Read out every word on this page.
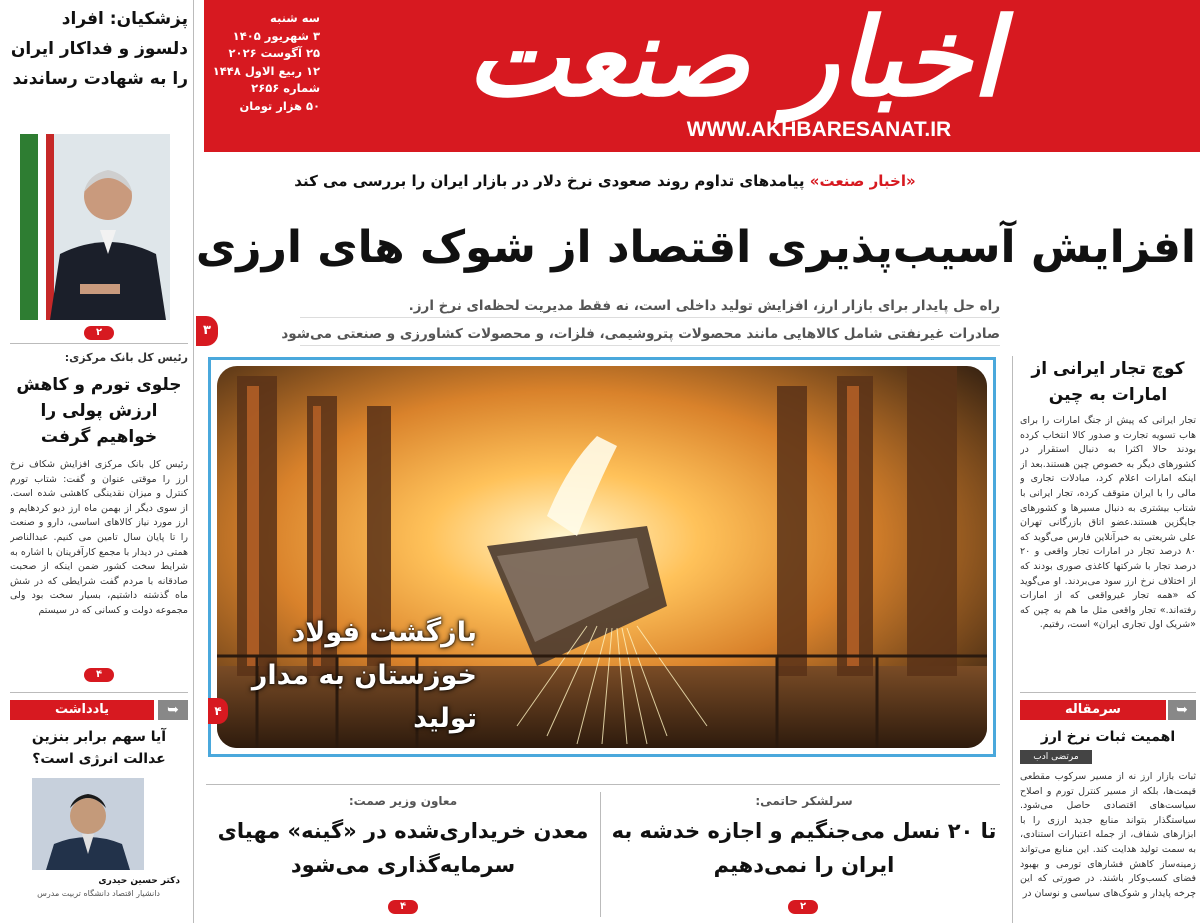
اخبار صنعت
WWW.AKHBARESANAT.IR
سه شنبه
۳ شهریور ۱۴۰۵
۲۵ آگوست ۲۰۲۶
۱۲ ربیع الاول ۱۴۴۸
شماره ۲۶۵۶
۵۰ هزار تومان
«اخبار صنعت» پیامدهای تداوم روند صعودی نرخ دلار در بازار ایران را بررسی می کند
افزایش آسیب‌پذیری اقتصاد از شوک های ارزی
راه حل پایدار برای بازار ارز، افزایش تولید داخلی است، نه فقط مدیریت لحظه‌ای نرخ ارز.
صادرات غیرنفتی شامل کالاهایی مانند محصولات پتروشیمی، فلزات، و محصولات کشاورزی و صنعتی می‌شود
۳
بازگشت فولاد خوزستان به مدار تولید
۴
معاون وزیر صمت:
معدن خریداری‌شده در «گینه» مهیای سرمایه‌گذاری می‌شود
۴
سرلشکر حاتمی:
تا ۲۰ نسل می‌جنگیم و اجازه خدشه به ایران را نمی‌دهیم
۲
پزشکیان: افراد دلسوز و فداکار ایران را به شهادت رساندند
۲
رئیس کل بانک مرکزی:
جلوی تورم و کاهش ارزش پولی را خواهیم گرفت
رئیس کل بانک مرکزی افزایش شکاف نرخ ارز را موقتی عنوان و گفت: شتاب تورم کنترل و میزان نقدینگی کاهشی شده است. از سوی دیگر از بهمن ماه ارز دیو کردهایم و ارز مورد نیاز کالاهای اساسی، دارو و صنعت را تا پایان سال تامین می کنیم. عبدالناصر همتی در دیدار با مجمع کارآفرینان با اشاره به شرایط سخت کشور ضمن اینکه از صحبت صادقانه با مردم گفت شرایطی که در شش ماه گذشته داشتیم، بسیار سخت بود ولی مجموعه دولت و کسانی که در سیستم
۴
یادداشت	➥
آیا سهم برابر بنزین عدالت انرژی است؟
دکتر حسین حیدری
دانشیار اقتصاد دانشگاه تربیت مدرس
کوچ تجار ایرانی از امارات به چین
تجار ایرانی که پیش از جنگ امارات را برای هاب تسویه تجارت و صدور کالا انتخاب کرده بودند حالا اکثرا به دنبال استقرار در کشورهای دیگر به خصوص چین هستند.بعد از اینکه امارات اعلام کرد، مبادلات تجاری و مالی را با ایران متوقف کرده، تجار ایرانی با شتاب بیشتری به دنبال مسیرها و کشورهای جایگزین هستند.عضو اتاق بازرگانی تهران علی شریعتی به خبرآنلاین فارس می‌گوید که ۸۰ درصد تجار در امارات تجار واقعی و ۲۰ درصد تجار با شرکتها کاغذی صوری بودند که از اختلاف نرخ ارز سود می‌بردند. او می‌گوید که «همه تجار غیرواقعی که از امارات رفته‌اند.» تجار واقعی مثل ما هم به چین که «شریک اول تجاری ایران» است، رفتیم.
سرمقاله	➥
اهمیت ثبات نرخ ارز
مرتضی ادب
ثبات بازار ارز نه از مسیر سرکوب مقطعی قیمت‌ها، بلکه از مسیر کنترل تورم و اصلاح سیاست‌های اقتصادی حاصل می‌شود. سیاستگذار بتواند منابع جدید ارزی را با ابزارهای شفاف، از جمله اعتبارات استنادی، به سمت تولید هدایت کند. این منابع می‌تواند زمینه‌ساز کاهش فشارهای تورمی و بهبود فضای کسب‌وکار باشند. در صورتی که این چرخه پایدار و شوک‌های سیاسی و نوسان در
